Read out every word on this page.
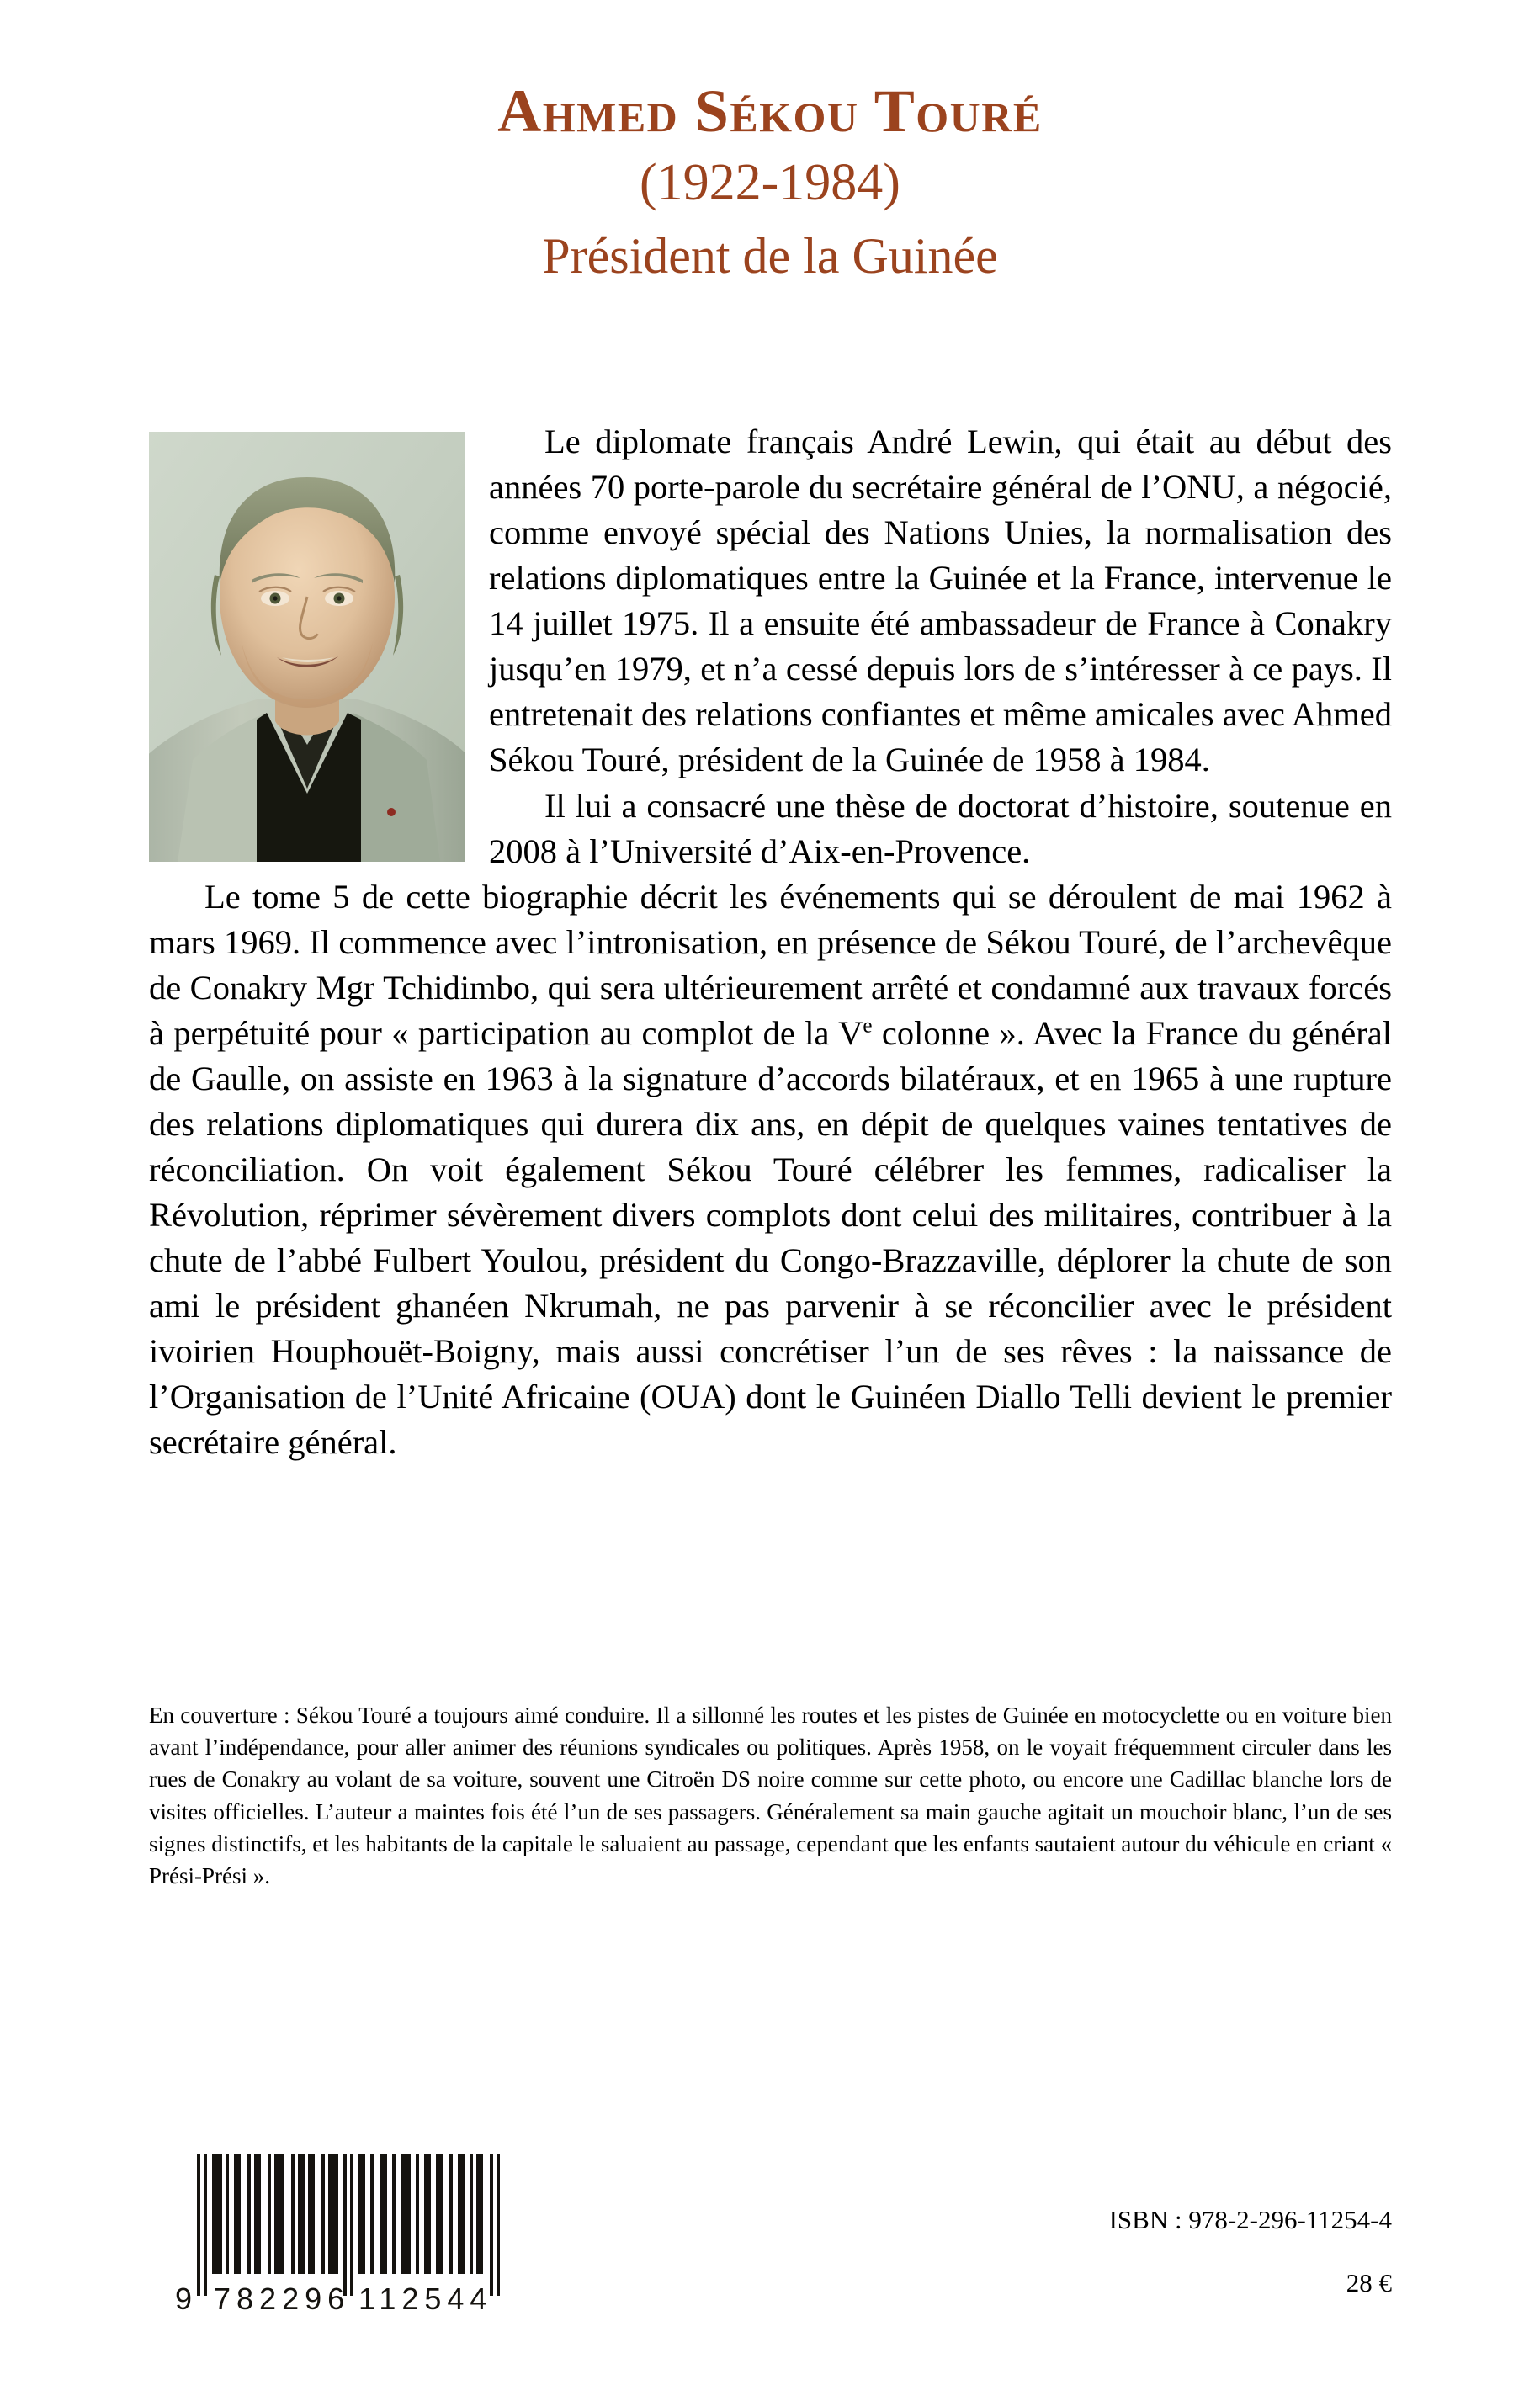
Ahmed Sékou Touré
(1922-1984)
Président de la Guinée

Le diplomate français André Lewin, qui était au début des années 70 porte-parole du secrétaire général de l’ONU, a négocié, comme envoyé spécial des Nations Unies, la normalisation des relations diplomatiques entre la Guinée et la France, intervenue le 14 juillet 1975. Il a ensuite été ambassadeur de France à Conakry jusqu’en 1979, et n’a cessé depuis lors de s’intéresser à ce pays. Il entretenait des relations confiantes et même amicales avec Ahmed Sékou Touré, président de la Guinée de 1958 à 1984.

Il lui a consacré une thèse de doctorat d’histoire, soutenue en 2008 à l’Université d’Aix-en-Provence.

Le tome 5 de cette biographie décrit les événements qui se déroulent de mai 1962 à mars 1969. Il commence avec l’intronisation, en présence de Sékou Touré, de l’archevêque de Conakry Mgr Tchidimbo, qui sera ultérieurement arrêté et condamné aux travaux forcés à perpétuité pour « participation au complot de la Ve colonne ». Avec la France du général de Gaulle, on assiste en 1963 à la signature d’accords bilatéraux, et en 1965 à une rupture des relations diplomatiques qui durera dix ans, en dépit de quelques vaines tentatives de réconciliation. On voit également Sékou Touré célébrer les femmes, radicaliser la Révolution, réprimer sévèrement divers complots dont celui des militaires, contribuer à la chute de l’abbé Fulbert Youlou, président du Congo-Brazzaville, déplorer la chute de son ami le président ghanéen Nkrumah, ne pas parvenir à se réconcilier avec le président ivoirien Houphouët-Boigny, mais aussi concrétiser l’un de ses rêves : la naissance de l’Organisation de l’Unité Africaine (OUA) dont le Guinéen Diallo Telli devient le premier secrétaire général.

En couverture : Sékou Touré a toujours aimé conduire. Il a sillonné les routes et les pistes de Guinée en motocyclette ou en voiture bien avant l’indépendance, pour aller animer des réunions syndicales ou politiques. Après 1958, on le voyait fréquemment circuler dans les rues de Conakry au volant de sa voiture, souvent une Citroën DS noire comme sur cette photo, ou encore une Cadillac blanche lors de visites officielles. L’auteur a maintes fois été l’un de ses passagers. Généralement sa main gauche agitait un mouchoir blanc, l’un de ses signes distinctifs, et les habitants de la capitale le saluaient au passage, cependant que les enfants sautaient autour du véhicule en criant « Prési-Prési ».

9 782296 112544

ISBN : 978-2-296-11254-4

28 €
